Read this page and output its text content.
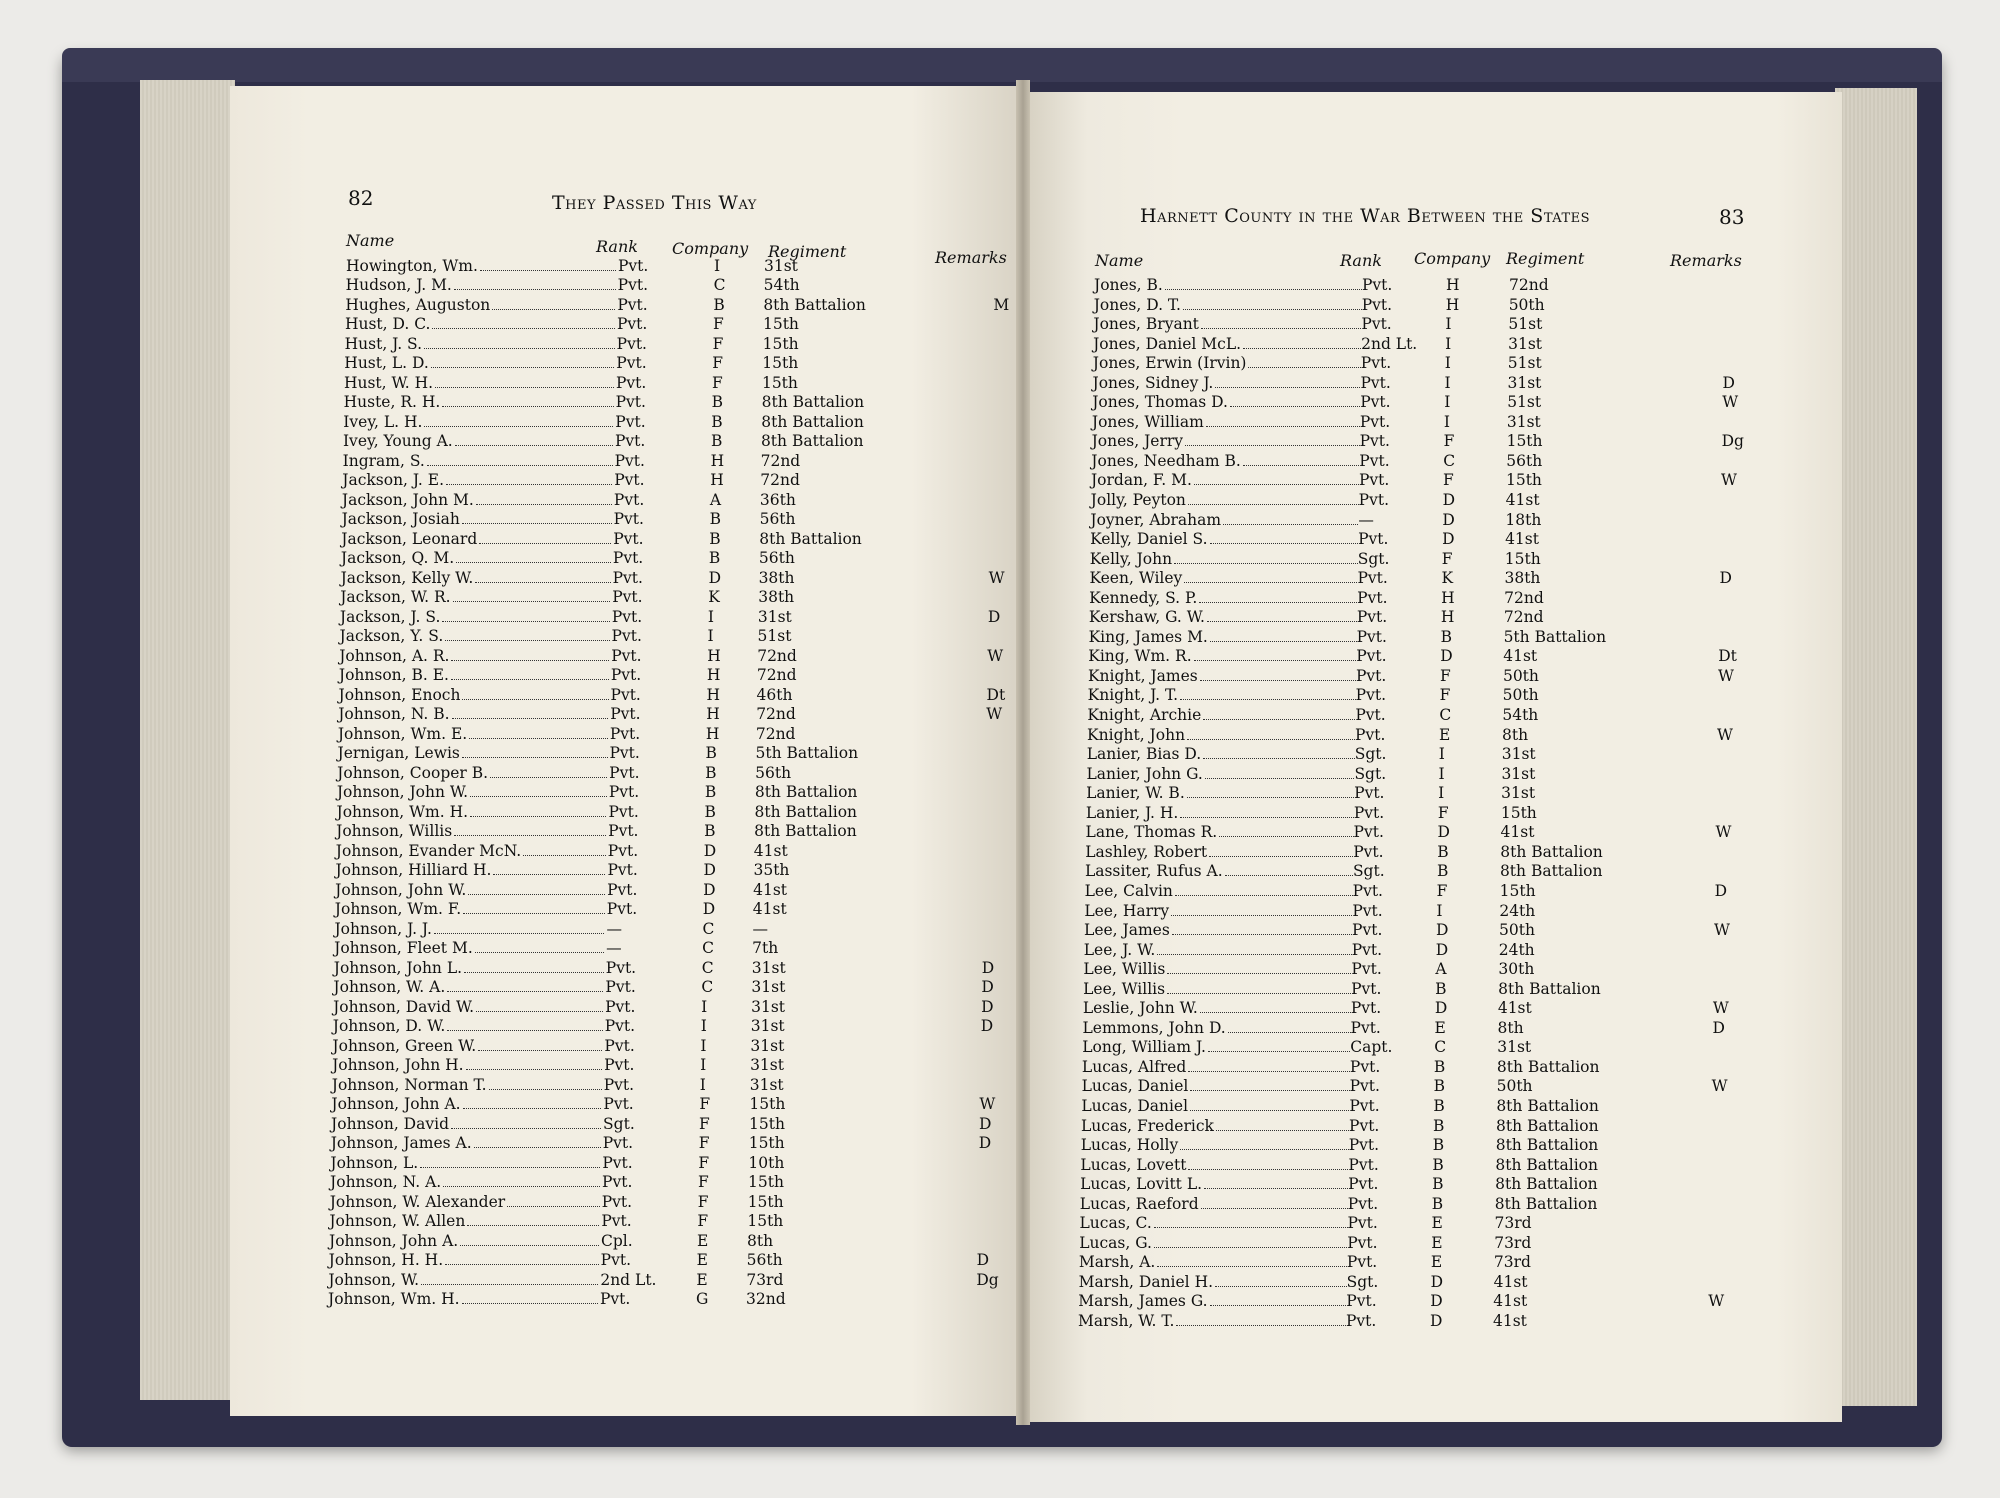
82	They Passed This Way
Name	Rank Company Regiment	Remarks
Howington, Wm.	Pvt.	I	31st
Hudson, J. M.	Pvt.	C 54th
Hughes, Auguston	Pvt.	B 8th Battalion	M
Hust, D. C.	Pvt.	F	15th
Hust, J. S.	Pvt.	F	15th
Hust, L. D.	Pvt.	F	15th
Hust, W. H.	Pvt.	F	15th
Huste, R. H.	Pvt.	B 8th Battalion
Ivey, L. H.	Pvt.	B 8th Battalion
Ivey, Young A.	Pvt.	B 8th Battalion
Ingram, S.	Pvt.	H 72nd
Jackson, J. E.	Pvt.	H 72nd
Jackson, John M.	Pvt.	A	36th
Jackson, Josiah	Pvt.	B 56th
Jackson, Leonard	Pvt.	B 8th Battalion
Jackson, Q. M.	Pvt.	B 56th
Jackson, Kelly W.	Pvt.	D 38th	W
Jackson, W. R.	Pvt.	K 38th
Jackson, J. S.	Pvt.	I	31st	D
Jackson, Y. S.	Pvt.	I	51st
Johnson, A. R.	Pvt.	H 72nd	W
Johnson, B. E.	Pvt.	H 72nd
Johnson, Enoch	Pvt.	H 46th	Dt
Johnson, N. B.	Pvt.	H 72nd	W
Johnson, Wm. E.	Pvt.	H 72nd
Jernigan, Lewis	Pvt.	B 5th Battalion
Johnson, Cooper B.	Pvt.	B 56th
Johnson, John W.	Pvt.	B 8th Battalion
Johnson, Wm. H.	Pvt.	B 8th Battalion
Johnson, Willis	Pvt.	B 8th Battalion
Johnson, Evander McN.	Pvt.	D 41st
Johnson, Hilliard H.	Pvt.	D 35th
Johnson, John W.	Pvt.	D 41st
Johnson, Wm. F.	Pvt.	D 41st
Johnson, J. J.	—	C —
Johnson, Fleet M.	—	C 7th
Johnson, John L.	Pvt.	C 31st	D
Johnson, W. A.	Pvt.	C 31st	D
Johnson, David W.	Pvt.	I	31st	D
Johnson, D. W.	Pvt.	I	31st	D
Johnson, Green W.	Pvt.	I	31st
Johnson, John H.	Pvt.	I	31st
Johnson, Norman T.	Pvt.	I	31st
Johnson, John A.	Pvt.	F	15th	W
Johnson, David	Sgt.	F	15th	D
Johnson, James A.	Pvt.	F	15th	D
Johnson, L.	Pvt.	F	10th
Johnson, N. A.	Pvt.	F	15th
Johnson, W. Alexander	Pvt.	F	15th
Johnson, W. Allen	Pvt.	F	15th
Johnson, John A.	Cpl.	E 8th
Johnson, H. H.	Pvt.	E 56th	D
Johnson, W.	2nd Lt.	E 73rd	Dg
Johnson, Wm. H.	Pvt.	G 32nd
Harnett County in the War Between the States	83
Name	Rank Company Regiment	Remarks
Jones, B.	Pvt.	H	72nd
Jones, D. T.	Pvt.	H	50th
Jones, Bryant	Pvt.	I	51st
Jones, Daniel McL.	2nd Lt. I	31st
Jones, Erwin (Irvin)	Pvt.	I	51st
Jones, Sidney J.	Pvt.	I	31st	D
Jones, Thomas D.	Pvt.	I	51st	W
Jones, William	Pvt.	I	31st
Jones, Jerry	Pvt.	F	15th	Dg
Jones, Needham B.	Pvt.	C	56th
Jordan, F. M.	Pvt.	F	15th	W
Jolly, Peyton	Pvt.	D	41st
Joyner, Abraham	—	D	18th
Kelly, Daniel S.	Pvt.	D	41st
Kelly, John	Sgt.	F	15th
Keen, Wiley	Pvt.	K	38th	D
Kennedy, S. P.	Pvt.	H	72nd
Kershaw, G. W.	Pvt.	H	72nd
King, James M.	Pvt.	B	5th Battalion
King, Wm. R.	Pvt.	D	41st	Dt
Knight, James	Pvt.	F	50th	W
Knight, J. T.	Pvt.	F	50th
Knight, Archie	Pvt.	C	54th
Knight, John	Pvt.	E	8th	W
Lanier, Bias D.	Sgt.	I	31st
Lanier, John G.	Sgt.	I	31st
Lanier, W. B.	Pvt.	I	31st
Lanier, J. H.	Pvt.	F	15th
Lane, Thomas R.	Pvt.	D	41st	W
Lashley, Robert	Pvt.	B	8th Battalion
Lassiter, Rufus A.	Sgt.	B	8th Battalion
Lee, Calvin	Pvt.	F	15th	D
Lee, Harry	Pvt.	I	24th
Lee, James	Pvt.	D	50th	W
Lee, J. W.	Pvt.	D	24th
Lee, Willis	Pvt.	A	30th
Lee, Willis	Pvt.	B	8th Battalion
Leslie, John W.	Pvt.	D	41st	W
Lemmons, John D.	Pvt.	E	8th	D
Long, William J.	Capt.	C	31st
Lucas, Alfred	Pvt.	B	8th Battalion
Lucas, Daniel	Pvt.	B	50th	W
Lucas, Daniel	Pvt.	B	8th Battalion
Lucas, Frederick	Pvt.	B	8th Battalion
Lucas, Holly	Pvt.	B	8th Battalion
Lucas, Lovett	Pvt.	B	8th Battalion
Lucas, Lovitt L.	Pvt.	B	8th Battalion
Lucas, Raeford	Pvt.	B	8th Battalion
Lucas, C.	Pvt.	E	73rd
Lucas, G.	Pvt.	E	73rd
Marsh, A.	Pvt.	E	73rd
Marsh, Daniel H.	Sgt.	D	41st
Marsh, James G.	Pvt.	D	41st	W
Marsh, W. T.	Pvt.	D	41st
